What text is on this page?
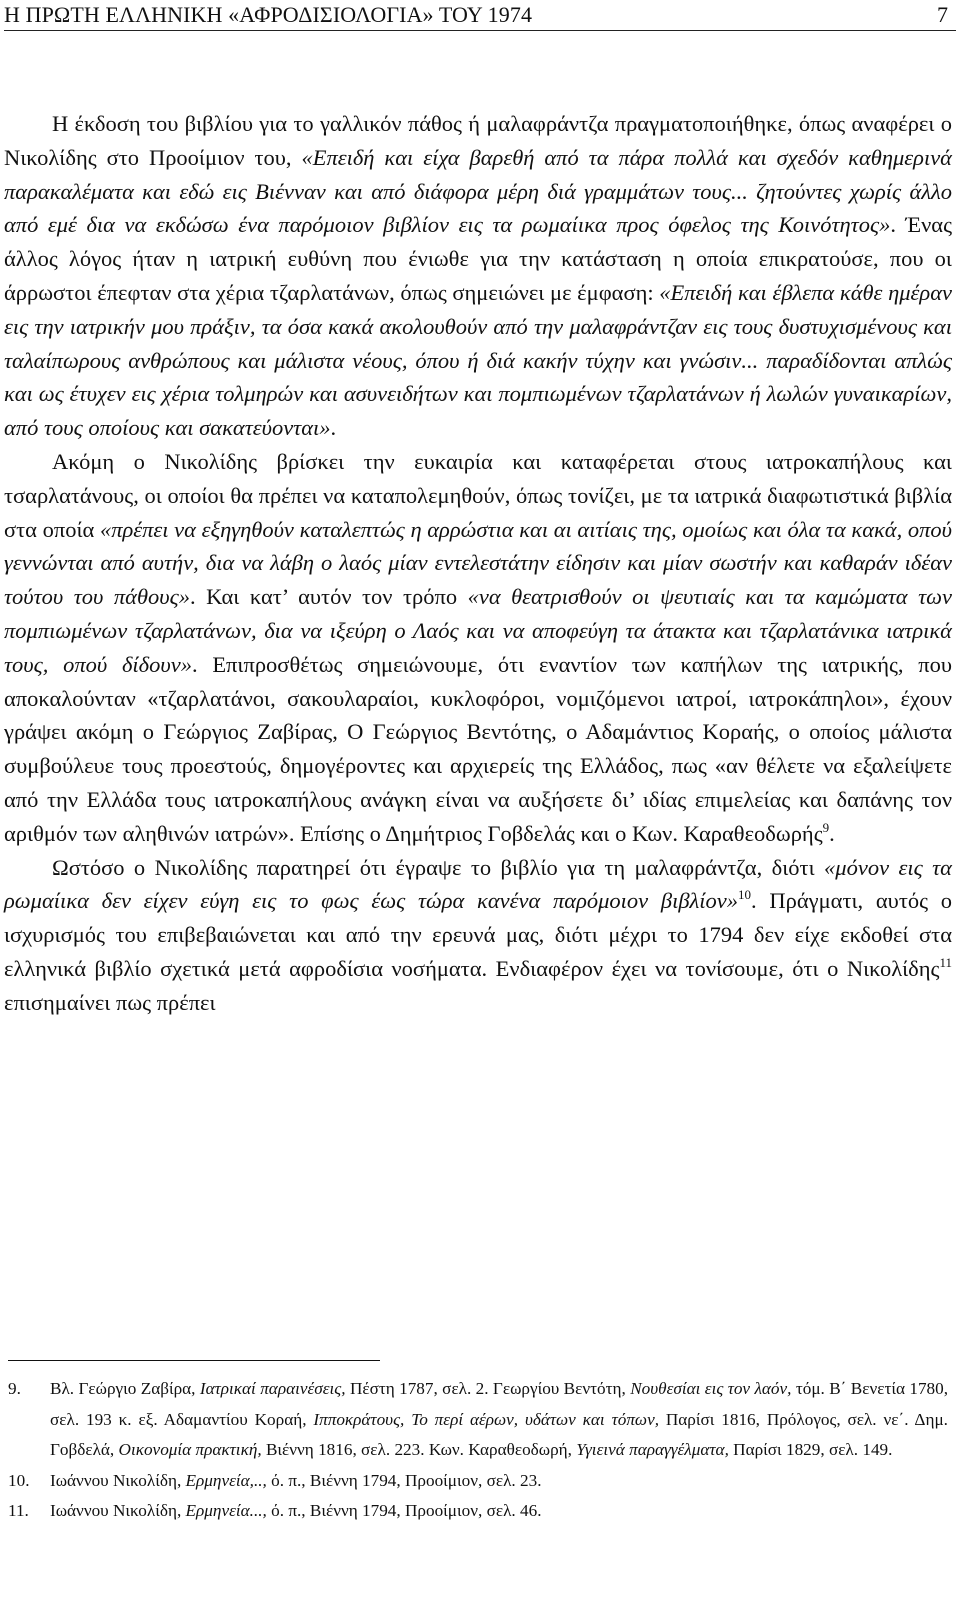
Η ΠΡΩΤΗ ΕΛΛΗΝΙΚΗ «ΑΦΡΟΔΙΣΙΟΛΟΓΙΑ» ΤΟΥ 1974	7

Η έκδοση του βιβλίου για το γαλλικόν πάθος ή μαλαφράντζα πραγματοποιήθηκε, όπως αναφέρει ο Νικολίδης στο Προοίμιον του, «Επειδή και είχα βαρεθή από τα πάρα πολλά και σχεδόν καθημερινά παρακαλέματα και εδώ εις Βιένναν και από διάφορα μέρη διά γραμμάτων τους... ζητούντες χωρίς άλλο από εμέ δια να εκδώσω ένα παρόμοιον βιβλίον εις τα ρωμαίικα προς όφελος της Κοινότητος». Ένας άλλος λόγος ήταν η ιατρική ευθύνη που ένιωθε για την κατάσταση η οποία επικρατούσε, που οι άρρωστοι έπεφταν στα χέρια τζαρλατάνων, όπως σημειώνει με έμφαση: «Επειδή και έβλεπα κάθε ημέραν εις την ιατρικήν μου πράξιν, τα όσα κακά ακολουθούν από την μαλαφράντζαν εις τους δυστυχισμένους και ταλαίπωρους ανθρώπους και μάλιστα νέους, όπου ή διά κακήν τύχην και γνώσιν... παραδίδονται απλώς και ως έτυχεν εις χέρια τολμηρών και ασυνειδήτων και πομπιωμένων τζαρλατάνων ή λωλών γυναικαρίων, από τους οποίους και σακατεύονται».

Ακόμη ο Νικολίδης βρίσκει την ευκαιρία και καταφέρεται στους ιατροκαπήλους και τσαρλατάνους, οι οποίοι θα πρέπει να καταπολεμηθούν, όπως τονίζει, με τα ιατρικά διαφωτιστικά βιβλία στα οποία «πρέπει να εξηγηθούν καταλεπτώς η αρρώστια και αι αιτίαις της, ομοίως και όλα τα κακά, οπού γεννώνται από αυτήν, δια να λάβη ο λαός μίαν εντελεστάτην είδησιν και μίαν σωστήν και καθαράν ιδέαν τούτου του πάθους». Και κατ’ αυτόν τον τρόπο «να θεατρισθούν οι ψευτιαίς και τα καμώματα των πομπιωμένων τζαρλατάνων, δια να ιξεύρη ο Λαός και να αποφεύγη τα άτακτα και τζαρλατάνικα ιατρικά τους, οπού δίδουν». Επιπροσθέτως σημειώνουμε, ότι εναντίον των καπήλων της ιατρικής, που αποκαλούνταν «τζαρλατάνοι, σακουλαραίοι, κυκλοφόροι, νομιζόμενοι ιατροί, ιατροκάπηλοι», έχουν γράψει ακόμη ο Γεώργιος Ζαβίρας, Ο Γεώργιος Βεντότης, ο Αδαμάντιος Κοραής, ο οποίος μάλιστα συμβούλευε τους προεστούς, δημογέροντες και αρχιερείς της Ελλάδος, πως «αν θέλετε να εξαλείψετε από την Ελλάδα τους ιατροκαπήλους ανάγκη είναι να αυξήσετε δι’ ιδίας επιμελείας και δαπάνης τον αριθμόν των αληθινών ιατρών». Επίσης ο Δημήτριος Γοβδελάς και ο Κων. Καραθεοδωρής$^9$.

Ωστόσο ο Νικολίδης παρατηρεί ότι έγραψε το βιβλίο για τη μαλαφράντζα, διότι «μόνον εις τα ρωμαίικα δεν είχεν εύγη εις το φως έως τώρα κανένα παρόμοιον βιβλίον»$^{10}$. Πράγματι, αυτός ο ισχυρισμός του επιβεβαιώνεται και από την ερευνά μας, διότι μέχρι το 1794 δεν είχε εκδοθεί στα ελληνικά βιβλίο σχετικά μετά αφροδίσια νοσήματα. Ενδιαφέρον έχει να τονίσουμε, ότι ο Νικολίδης$^{11}$ επισημαίνει πως πρέπει

9. Βλ. Γεώργιο Ζαβίρα, Ιατρικαί παραινέσεις, Πέστη 1787, σελ. 2. Γεωργίου Βεντότη, Νουθεσίαι εις τον λαόν, τόμ. Β΄ Βενετία 1780, σελ. 193 κ. εξ. Αδαμαντίου Κοραή, Ιπποκράτους, Το περί αέρων, υδάτων και τόπων, Παρίσι 1816, Πρόλογος, σελ. νε΄. Δημ. Γοβδελά, Οικονομία πρακτική, Βιέννη 1816, σελ. 223. Κων. Καραθεοδωρή, Υγιεινά παραγγέλματα, Παρίσι 1829, σελ. 149.
10. Ιωάννου Νικολίδη, Ερμηνεία,.., ό. π., Βιέννη 1794, Προοίμιον, σελ. 23.
11. Ιωάννου Νικολίδη, Ερμηνεία..., ό. π., Βιέννη 1794, Προοίμιον, σελ. 46.
